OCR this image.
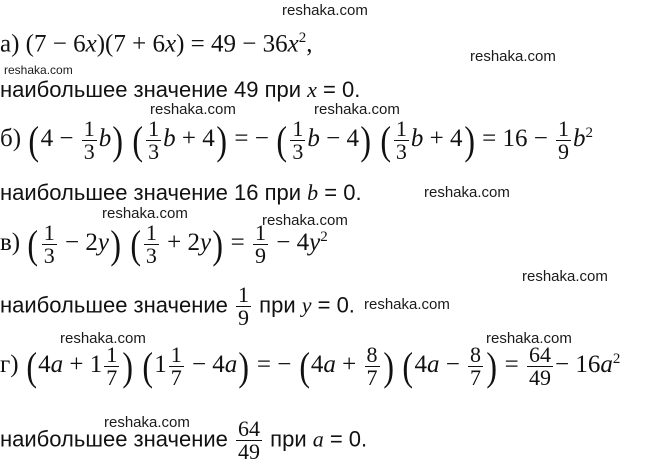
reshaka.com
reshaka.com
reshaka.com
reshaka.com	reshaka.com
reshaka.com
reshaka.com	reshaka.com
reshaka.com
reshaka.com
reshaka.com	reshaka.com
reshaka.com
а) $(7 - 6x)(7 + 6x) = 49 - 36x^2$,
наибольшее значение 49 при x = 0.
б) $(4 - \frac{1}{3} b)$ ( $\frac{1}{3}$ b + 4) = − ( $\frac{1}{3}$ b − 4) ( $\frac{1}{3}$ $b + 4) = 16 - \frac{1}{9} b^2$
наибольшее значение 16 при b = 0.
в) ( $\frac{1}{3} - 2y$) ( $\frac{1}{3} + 2y) = \frac{1}{9} - 4y^2$
наибольшее значение $\frac{1}{9}$ при y = 0.
г) ($4a + 1 \frac{1}{7}$ ) $(1 \frac{1}{7} - 4a)$ = − ($4a + \frac{8}{7}$ ) ($4a - \frac{8}{7}$ ) = $\frac{64}{49} - 16a^2$
наибольшее значение $\frac{64}{49}$ при a = 0.
